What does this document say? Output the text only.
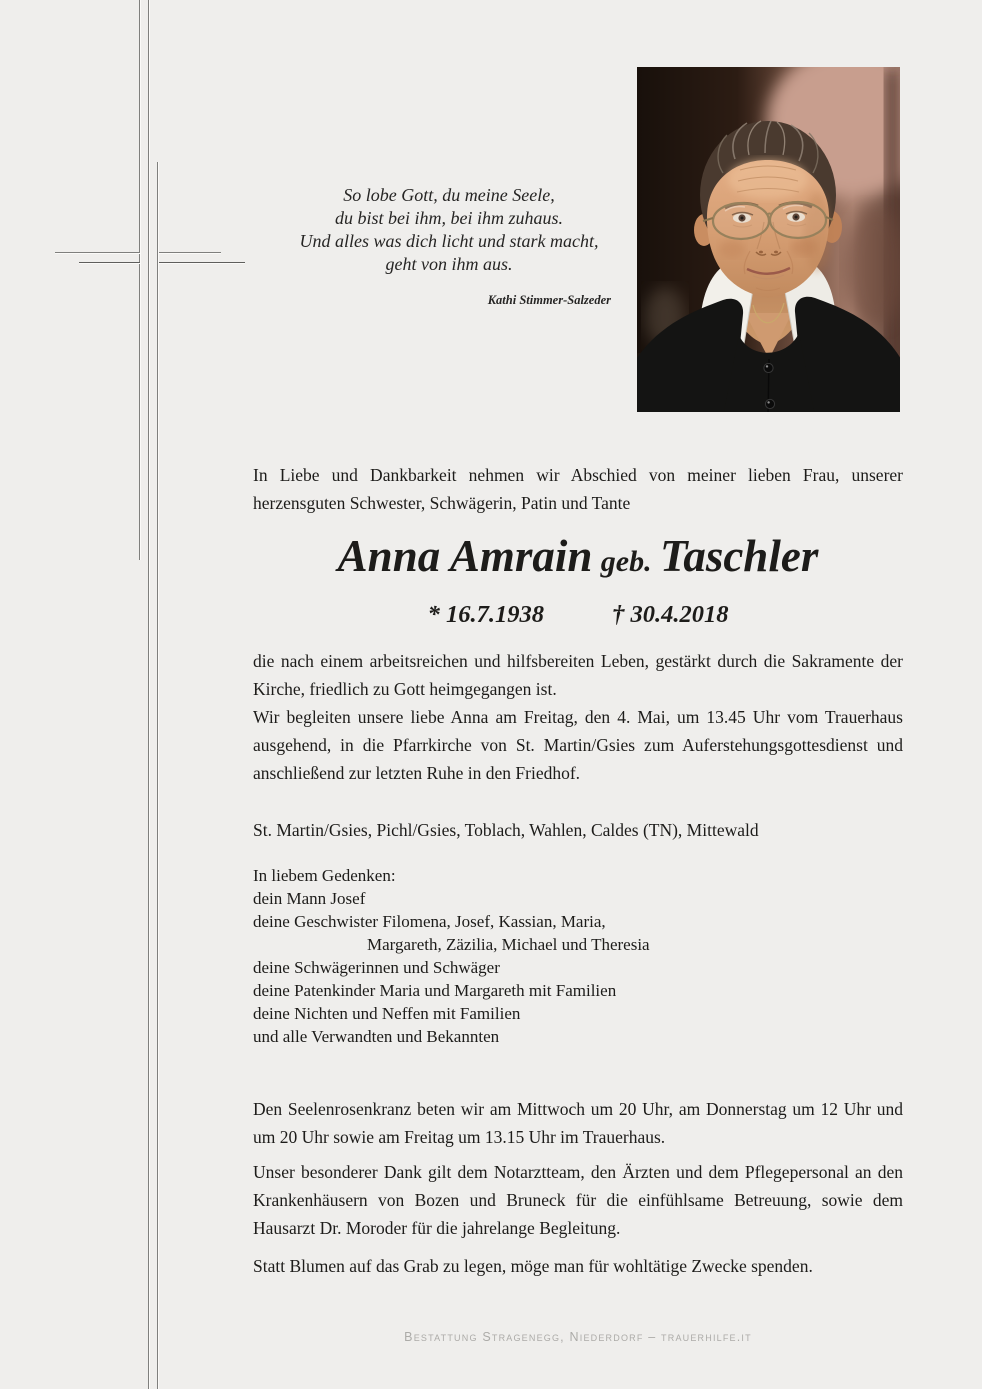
So lobe Gott, du meine Seele,
du bist bei ihm, bei ihm zuhaus.
Und alles was dich licht und stark macht,
geht von ihm aus.
Kathi Stimmer-Salzeder
In Liebe und Dankbarkeit nehmen wir Abschied von meiner lieben Frau, unserer herzensguten Schwester, Schwägerin, Patin und Tante
Anna Amrain geb. Taschler
* 16.7.1938	† 30.4.2018
die nach einem arbeitsreichen und hilfsbereiten Leben, gestärkt durch die Sakramente der Kirche, friedlich zu Gott heimgegangen ist.
Wir begleiten unsere liebe Anna am Freitag, den 4. Mai, um 13.45 Uhr vom Trauerhaus ausgehend, in die Pfarrkirche von St. Martin/Gsies zum Auferstehungsgottesdienst und anschließend zur letzten Ruhe in den Friedhof.
St. Martin/Gsies, Pichl/Gsies, Toblach, Wahlen, Caldes (TN), Mittewald
In liebem Gedenken:
dein Mann Josef
deine Geschwister Filomena, Josef, Kassian, Maria,
Margareth, Zäzilia, Michael und Theresia
deine Schwägerinnen und Schwäger
deine Patenkinder Maria und Margareth mit Familien
deine Nichten und Neffen mit Familien
und alle Verwandten und Bekannten
Den Seelenrosenkranz beten wir am Mittwoch um 20 Uhr, am Donnerstag um 12 Uhr und um 20 Uhr sowie am Freitag um 13.15 Uhr im Trauerhaus.
Unser besonderer Dank gilt dem Notarztteam, den Ärzten und dem Pflegepersonal an den Krankenhäusern von Bozen und Bruneck für die einfühlsame Betreuung, sowie dem Hausarzt Dr. Moroder für die jahrelange Begleitung.
Statt Blumen auf das Grab zu legen, möge man für wohltätige Zwecke spenden.
Bestattung Stragenegg, Niederdorf – trauerhilfe.it
